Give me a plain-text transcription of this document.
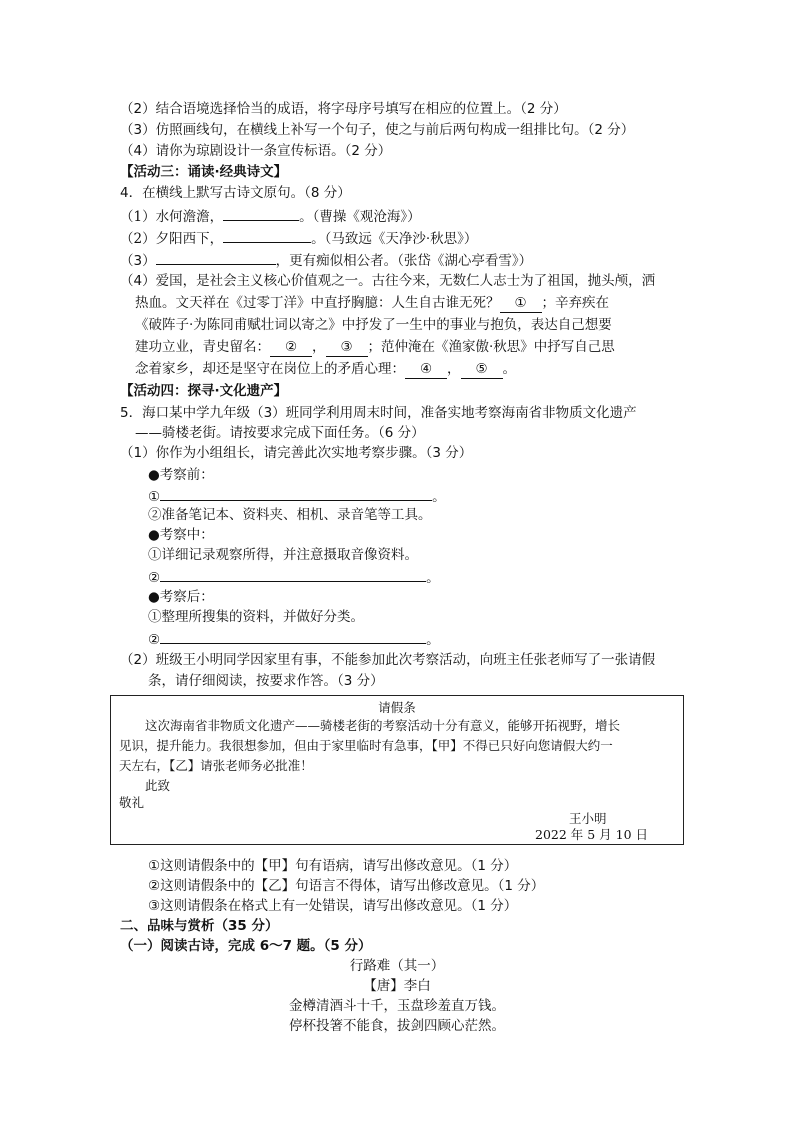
（2）结合语境选择恰当的成语，将字母序号填写在相应的位置上。（2 分）
（3）仿照画线句，在横线上补写一个句子，使之与前后两句构成一组排比句。（2 分）
（4）请你为琼剧设计一条宣传标语。（2 分）
【活动三：诵读·经典诗文】
4．在横线上默写古诗文原句。（8 分）
（1）水何澹澹，	。（曹操《观沧海》）
（2）夕阳西下，	。（马致远《天净沙·秋思》）
（3）	，更有痴似相公者。（张岱《湖心亭看雪》）
（4）爱国，是社会主义核心价值观之一。古往今来，无数仁人志士为了祖国，抛头颅，洒
热血。文天祥在《过零丁洋》中直抒胸臆：人生自古谁无死？ ① ；辛弃疾在
《破阵子·为陈同甫赋壮词以寄之》中抒发了一生中的事业与抱负，表达自己想要
建功立业，青史留名： ② ， ③ ；范仲淹在《渔家傲·秋思》中抒写自己思
念着家乡，却还是坚守在岗位上的矛盾心理： ④ ， ⑤ 。
【活动四：探寻·文化遗产】
5．海口某中学九年级（3）班同学利用周末时间，准备实地考察海南省非物质文化遗产
——骑楼老街。请按要求完成下面任务。（6 分）
（1）你作为小组组长，请完善此次实地考察步骤。（3 分）
●考察前：
①	。
②准备笔记本、资料夹、相机、录音笔等工具。
●考察中：
①详细记录观察所得，并注意摄取音像资料。
②	。
●考察后：
①整理所搜集的资料，并做好分类。
②	。
（2）班级王小明同学因家里有事，不能参加此次考察活动，向班主任张老师写了一张请假
条，请仔细阅读，按要求作答。（3 分）
请假条
这次海南省非物质文化遗产——骑楼老街的考察活动十分有意义，能够开拓视野，增长
见识，提升能力。我很想参加，但由于家里临时有急事，【甲】不得已只好向您请假大约一
天左右，【乙】请张老师务必批准！
此致
敬礼
王小明
2022 年 5 月 10 日
①这则请假条中的【甲】句有语病，请写出修改意见。（1 分）
②这则请假条中的【乙】句语言不得体，请写出修改意见。（1 分）
③这则请假条在格式上有一处错误，请写出修改意见。（1 分）
二、品味与赏析（35 分）
（一）阅读古诗，完成 6～7 题。（5 分）
行路难（其一）
【唐】李白
金樽清酒斗十千，玉盘珍羞直万钱。
停杯投箸不能食，拔剑四顾心茫然。
